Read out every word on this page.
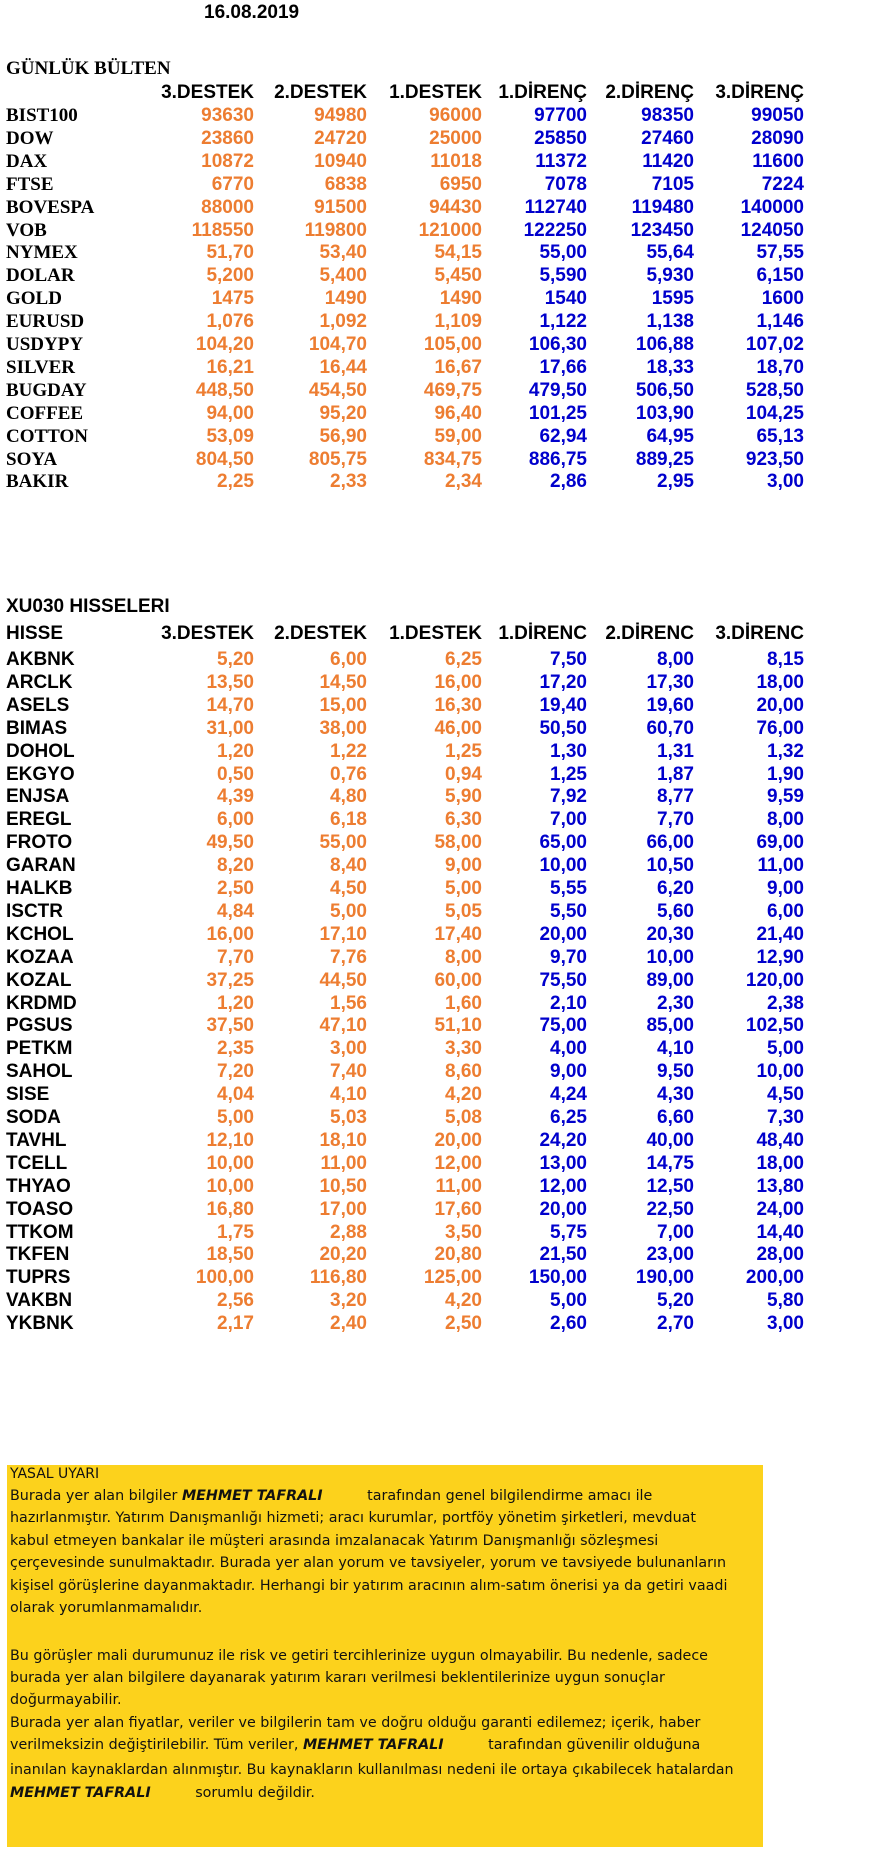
16.08.2019
GÜNLÜK BÜLTEN
3.DESTEK 2.DESTEK 1.DESTEK 1.DİRENÇ 2.DİRENÇ 3.DİRENÇ
BIST100	93630	94980	96000	97700	98350	99050
DOW	23860	24720	25000	25850	27460	28090
DAX	10872	10940	11018	11372	11420	11600
FTSE	6770	6838	6950	7078	7105	7224
BOVESPA	88000	91500	94430 112740 119480 140000
VOB	118550	119800	121000 122250 123450 124050
NYMEX	51,70	53,40	54,15	55,00	55,64	57,55
DOLAR	5,200	5,400	5,450	5,590	5,930	6,150
GOLD	1475	1490	1490	1540	1595	1600
EURUSD	1,076	1,092	1,109	1,122	1,138	1,146
USDYPY	104,20	104,70	105,00 106,30	106,88	107,02
SILVER	16,21	16,44	16,67	17,66	18,33	18,70
BUGDAY	448,50	454,50	469,75 479,50	506,50	528,50
COFFEE	94,00	95,20	96,40 101,25	103,90	104,25
COTTON	53,09	56,90	59,00	62,94	64,95	65,13
SOYA	804,50	805,75	834,75 886,75	889,25	923,50
BAKIR	2,25	2,33	2,34	2,86	2,95	3,00
XU030 HISSELERI
HISSE	3.DESTEK 2.DESTEK 1.DESTEK 1.DİRENC 2.DİRENC 3.DİRENC
AKBNK	5,20	6,00	6,25	7,50	8,00	8,15
ARCLK	13,50	14,50	16,00	17,20	17,30	18,00
ASELS	14,70	15,00	16,30	19,40	19,60	20,00
BIMAS	31,00	38,00	46,00	50,50	60,70	76,00
DOHOL	1,20	1,22	1,25	1,30	1,31	1,32
EKGYO	0,50	0,76	0,94	1,25	1,87	1,90
ENJSA	4,39	4,80	5,90	7,92	8,77	9,59
EREGL	6,00	6,18	6,30	7,00	7,70	8,00
FROTO	49,50	55,00	58,00	65,00	66,00	69,00
GARAN	8,20	8,40	9,00	10,00	10,50	11,00
HALKB	2,50	4,50	5,00	5,55	6,20	9,00
ISCTR	4,84	5,00	5,05	5,50	5,60	6,00
KCHOL	16,00	17,10	17,40	20,00	20,30	21,40
KOZAA	7,70	7,76	8,00	9,70	10,00	12,90
KOZAL	37,25	44,50	60,00	75,50	89,00	120,00
KRDMD	1,20	1,56	1,60	2,10	2,30	2,38
PGSUS	37,50	47,10	51,10	75,00	85,00	102,50
PETKM	2,35	3,00	3,30	4,00	4,10	5,00
SAHOL	7,20	7,40	8,60	9,00	9,50	10,00
SISE	4,04	4,10	4,20	4,24	4,30	4,50
SODA	5,00	5,03	5,08	6,25	6,60	7,30
TAVHL	12,10	18,10	20,00	24,20	40,00	48,40
TCELL	10,00	11,00	12,00	13,00	14,75	18,00
THYAO	10,00	10,50	11,00	12,00	12,50	13,80
TOASO	16,80	17,00	17,60	20,00	22,50	24,00
TTKOM	1,75	2,88	3,50	5,75	7,00	14,40
TKFEN	18,50	20,20	20,80	21,50	23,00	28,00
TUPRS	100,00	116,80	125,00 150,00	190,00	200,00
VAKBN	2,56	3,20	4,20	5,00	5,20	5,80
YKBNK	2,17	2,40	2,50	2,60	2,70	3,00
YASAL UYARI
Burada yer alan bilgiler MEHMET TAFRALI	tarafından genel bilgilendirme amacı ile
hazırlanmıştır. Yatırım Danışmanlığı hizmeti; aracı kurumlar, portföy yönetim şirketleri, mevduat
kabul etmeyen bankalar ile müşteri arasında imzalanacak Yatırım Danışmanlığı sözleşmesi
çerçevesinde sunulmaktadır. Burada yer alan yorum ve tavsiyeler, yorum ve tavsiyede bulunanların
kişisel görüşlerine dayanmaktadır. Herhangi bir yatırım aracının alım-satım önerisi ya da getiri vaadi
olarak yorumlanmamalıdır.
Bu görüşler mali durumunuz ile risk ve getiri tercihlerinize uygun olmayabilir. Bu nedenle, sadece
burada yer alan bilgilere dayanarak yatırım kararı verilmesi beklentilerinize uygun sonuçlar
doğurmayabilir.
Burada yer alan fiyatlar, veriler ve bilgilerin tam ve doğru olduğu garanti edilemez; içerik, haber
verilmeksizin değiştirilebilir. Tüm veriler, MEHMET TAFRALI	tarafından güvenilir olduğuna
inanılan kaynaklardan alınmıştır. Bu kaynakların kullanılması nedeni ile ortaya çıkabilecek hatalardan
MEHMET TAFRALI	sorumlu değildir.
